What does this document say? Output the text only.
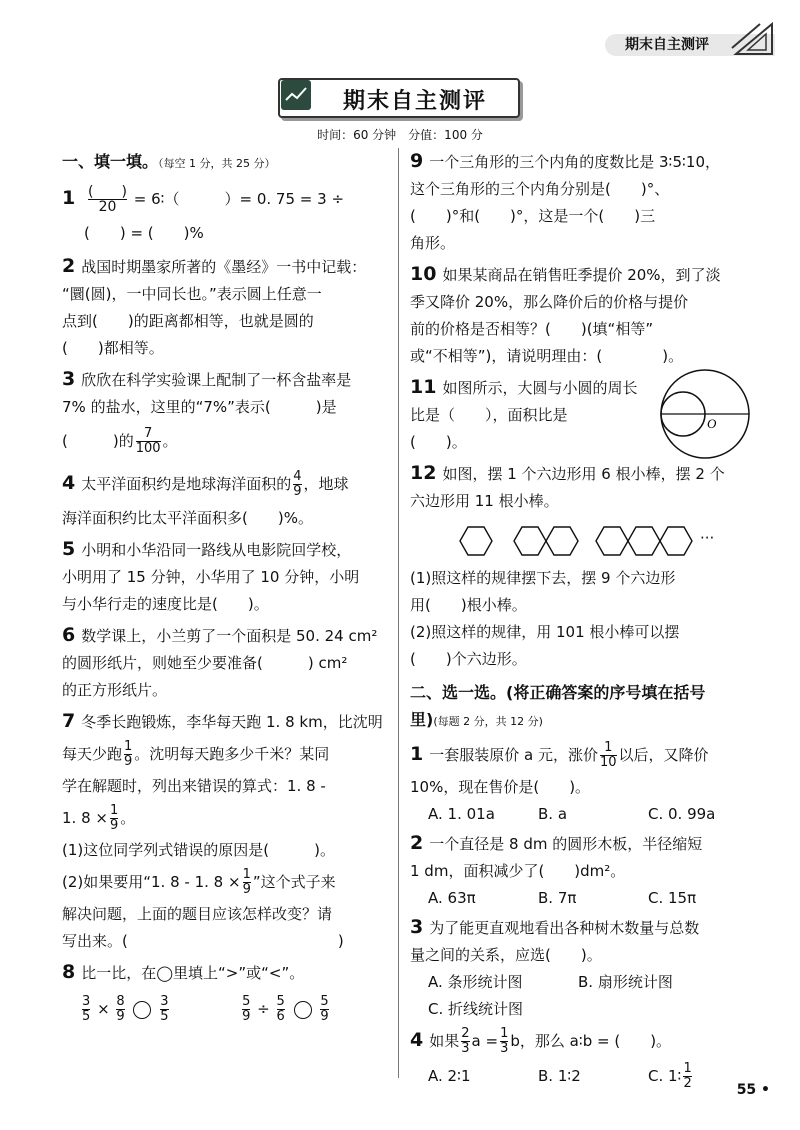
期末自主测评
期末自主测评
时间：60 分钟　分值：100 分
一、填一填。（每空 1 分，共 25 分）
$1 \frac{( )}{20}$ = 6∶（　　　）= 0. 75 = 3 ÷
(　　) = (　　)%
2 战国时期墨家所著的《墨经》一书中记载：
“圜(圆)，一中同长也。”表示圆上任意一
点到(　　)的距离都相等，也就是圆的
(　　)都相等。
3 欣欣在科学实验课上配制了一杯含盐率是
7% 的盐水，这里的“7%”表示(　　　)是
(　　　)的 $\frac{7}{100}$ 。
4 太平洋面积约是地球海洋面积的 $\frac{4}{9}$ ，地球
海洋面积约比太平洋面积多(　　)%。
5 小明和小华沿同一路线从电影院回学校，
小明用了 15 分钟，小华用了 10 分钟，小明
与小华行走的速度比是(　　)。
6 数学课上，小兰剪了一个面积是 50. 24 cm²
的圆形纸片，则她至少要准备(　　　) cm²
的正方形纸片。
7 冬季长跑锻炼，李华每天跑 1. 8 km，比沈明
每天少跑 $\frac{1}{9}$ 。沈明每天跑多少千米？某同
学在解题时，列出来错误的算式：1. 8 -
1. $8 \times \frac{1}{9}$ 。
(1)这位同学列式错误的原因是(　　　)。
(2)如果要用“1. 8 - 1. $8 \times \frac{1}{9}$ ”这个式子来
解决问题，上面的题目应该怎样改变？请
写出来。(　　　　　　　　　　　　　　)
8 比一比，在◯里填上“>”或“<”。
$\frac{3}{5} \times \frac{8}{9}$
	$\frac{3}{5}$
	$\frac{5}{9} \div \frac{5}{6}$
	$\frac{5}{9}$
9 一个三角形的三个内角的度数比是 3∶5∶10，
这个三角形的三个内角分别是(　　)°、
(　　)°和(　　)°，这是一个(　　)三
角形。
10 如果某商品在销售旺季提价 20%，到了淡
季又降价 20%，那么降价后的价格与提价
前的价格是否相等？(　　)(填“相等”
或“不相等”)，请说明理由：(　　　　)。
11 如图所示，大圆与小圆的周长
比是（　　），面积比是
(　　)。
O
12 如图，摆 1 个六边形用 6 根小棒，摆 2 个
六边形用 11 根小棒。
···
(1)照这样的规律摆下去，摆 9 个六边形
用(　　)根小棒。
(2)照这样的规律，用 101 根小棒可以摆
(　　)个六边形。
二、选一选。(将正确答案的序号填在括号
里)(每题 2 分，共 12 分)
1 一套服装原价 a 元，涨价 $\frac{1}{10}$ 以后，又降价
10%，现在售价是(　　)。
A. 1. 01a	B. a	C. 0. 99a
2 一个直径是 8 dm 的圆形木板，半径缩短
1 dm，面积减少了(　　)dm²。
A. 63π	B. 7π	C. 15π
3 为了能更直观地看出各种树木数量与总数
量之间的关系，应选(　　)。
A. 条形统计图	B. 扇形统计图
C. 折线统计图
4 如果 $\frac{2}{3}$ $a = \frac{1}{3}$ b，那么 a∶b = (　　)。
A. 2∶1	B. 1∶2	C. 1∶ $\frac{1}{2}$	55 •
